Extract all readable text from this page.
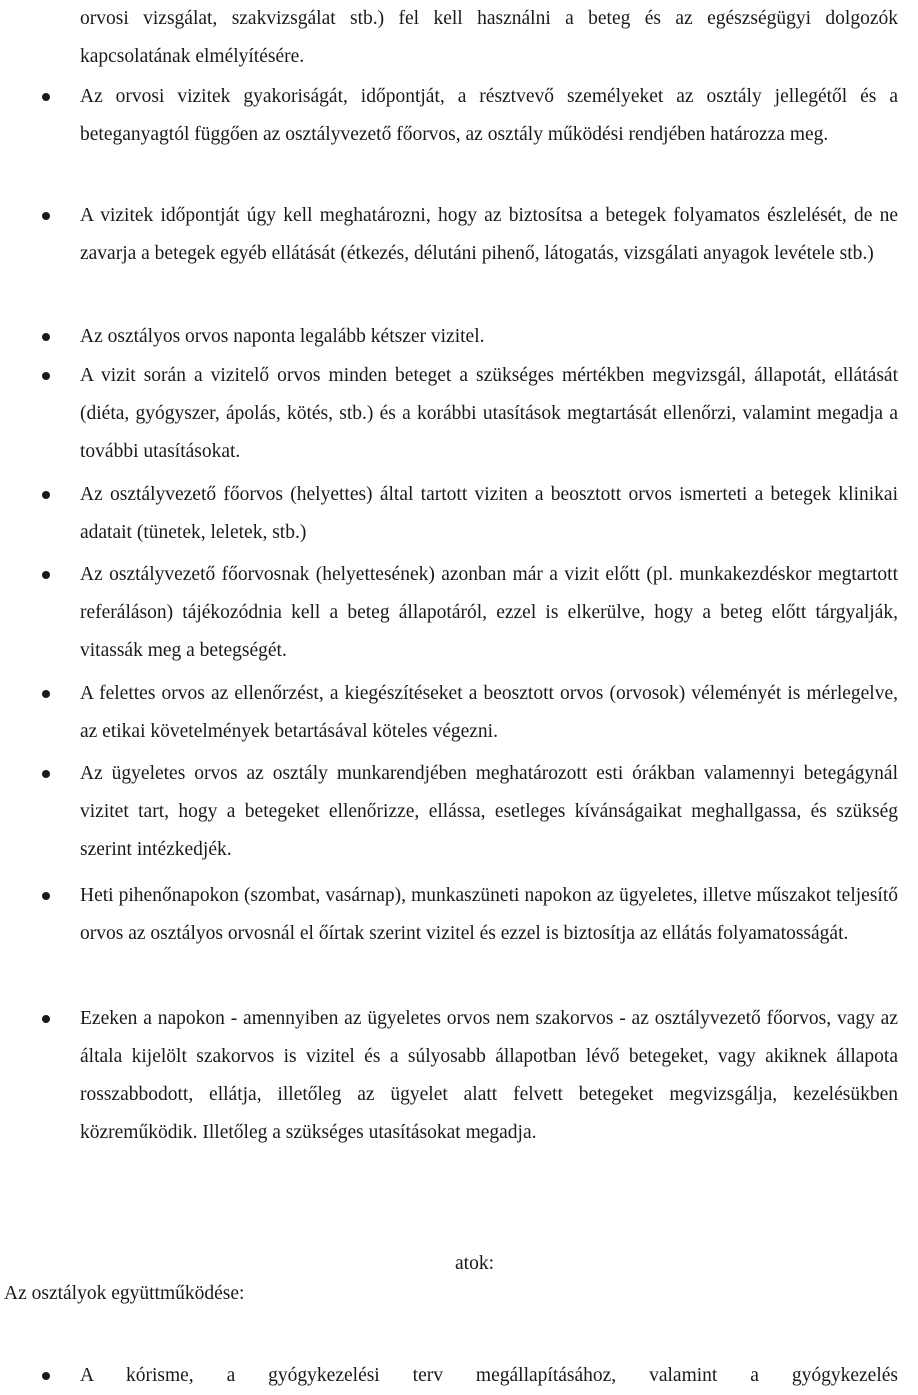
orvosi vizsgálat, szakvizsgálat stb.) fel kell használni a beteg és az egészségügyi dolgozók
kapcsolatának elmélyítésére.

Az orvosi vizitek gyakoriságát, időpontját, a résztvevő személyeket az osztály jellegétől és a beteganyagtól függően az osztályvezető főorvos, az osztály működési rendjében határozza meg.

A vizitek időpontját úgy kell meghatározni, hogy az biztosítsa a betegek folyamatos észlelését, de ne zavarja a betegek egyéb ellátását (étkezés, délutáni pihenő, látogatás, vizsgálati anyagok levétele stb.)

Az osztályos orvos naponta legalább kétszer vizitel.

A vizit során a vizitelő orvos minden beteget a szükséges mértékben megvizsgál, állapotát, ellátását (diéta, gyógyszer, ápolás, kötés, stb.) és a korábbi utasítások megtartását ellenőrzi, valamint megadja a további utasításokat.

Az osztályvezető főorvos (helyettes) által tartott viziten a beosztott orvos ismerteti a betegek klinikai adatait (tünetek, leletek, stb.)

Az osztályvezető főorvosnak (helyettesének) azonban már a vizit előtt (pl. munkakezdéskor megtartott referáláson) tájékozódnia kell a beteg állapotáról, ezzel is elkerülve, hogy a beteg előtt tárgyalják, vitassák meg a betegségét.

A felettes orvos az ellenőrzést, a kiegészítéseket a beosztott orvos (orvosok) véleményét is mérlegelve, az etikai követelmények betartásával köteles végezni.

Az ügyeletes orvos az osztály munkarendjében meghatározott esti órákban valamennyi betegágynál vizitet tart, hogy a betegeket ellenőrizze, ellássa, esetleges kívánságaikat meghallgassa, és szükség szerint intézkedjék.

Heti pihenőnapokon (szombat, vasárnap), munkaszüneti napokon az ügyeletes, illetve műszakot teljesítő orvos az osztályos orvosnál el őírtak szerint vizitel és ezzel is biztosítja az ellátás folyamatosságát.

Ezeken a napokon - amennyiben az ügyeletes orvos nem szakorvos - az osztályvezető főorvos, vagy az általa kijelölt szakorvos is vizitel és a súlyosabb állapotban lévő betegeket, vagy akiknek állapota rosszabbodott, ellátja, illetőleg az ügyelet alatt felvett betegeket megvizsgálja, kezelésükben közreműködik. Illetőleg a szükséges utasításokat megadja.

atok:
Az osztályok együttműködése:

A kórisme, a gyógykezelési terv megállapításához, valamint a gyógykezelés
